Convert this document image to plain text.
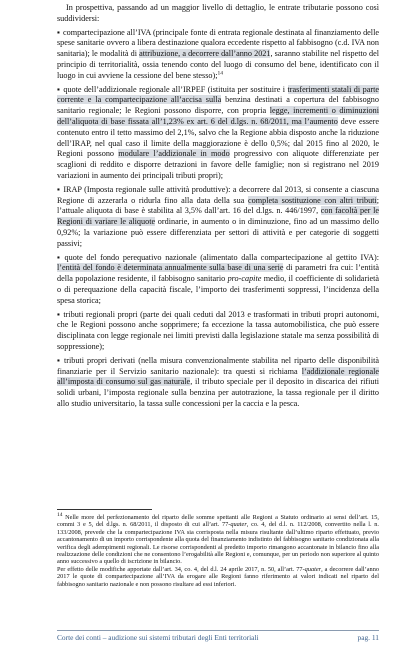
In prospettiva, passando ad un maggior livello di dettaglio, le entrate tributarie possono così suddividersi:

▪ compartecipazione all’IVA (principale fonte di entrata regionale destinata al finanziamento delle spese sanitarie ovvero a libera destinazione qualora eccedente rispetto al fabbisogno (c.d. IVA non sanitaria); le modalità di attribuzione, a decorrere dall’anno 2021, saranno stabilite nel rispetto del principio di territorialità, ossia tenendo conto del luogo di consumo del bene, identificato con il luogo in cui avviene la cessione del bene stesso);$^{14}$

▪ quote dell’addizionale regionale all’IRPEF (istituita per sostituire i trasferimenti statali di parte corrente e la compartecipazione all’accisa sulla benzina destinati a copertura del fabbisogno sanitario regionale; le Regioni possono disporre, con propria legge, incrementi o diminuzioni dell’aliquota di base fissata all’1,23% ex art. 6 del d.lgs. n. 68/2011, ma l’aumento deve essere contenuto entro il tetto massimo del 2,1%, salvo che la Regione abbia disposto anche la riduzione dell’IRAP, nel qual caso il limite della maggiorazione è dello 0,5%; dal 2015 fino al 2020, le Regioni possono modulare l’addizionale in modo progressivo con aliquote differenziate per scaglioni di reddito e disporre detrazioni in favore delle famiglie; non si registrano nel 2019 variazioni in aumento dei principali tributi propri);

▪ IRAP (Imposta regionale sulle attività produttive): a decorrere dal 2013, si consente a ciascuna Regione di azzerarla o ridurla fino alla data della sua completa sostituzione con altri tributi; l’attuale aliquota di base è stabilita al 3,5% dall’art. 16 del d.lgs. n. 446/1997, con facoltà per le Regioni di variare le aliquote ordinarie, in aumento o in diminuzione, fino ad un massimo dello 0,92%; la variazione può essere differenziata per settori di attività e per categorie di soggetti passivi;

▪ quote del fondo perequativo nazionale (alimentato dalla compartecipazione al gettito IVA): l’entità del fondo è determinata annualmente sulla base di una serie di parametri fra cui: l’entità della popolazione residente, il fabbisogno sanitario pro-capite medio, il coefficiente di solidarietà o di perequazione della capacità fiscale, l’importo dei trasferimenti soppressi, l’incidenza della spesa storica;

▪ tributi regionali propri (parte dei quali ceduti dal 2013 e trasformati in tributi propri autonomi, che le Regioni possono anche sopprimere; fa eccezione la tassa automobilistica, che può essere disciplinata con legge regionale nei limiti previsti dalla legislazione statale ma senza possibilità di soppressione);

▪ tributi propri derivati (nella misura convenzionalmente stabilita nel riparto delle disponibilità finanziarie per il Servizio sanitario nazionale): tra questi si richiama l’addizionale regionale all’imposta di consumo sul gas naturale, il tributo speciale per il deposito in discarica dei rifiuti solidi urbani, l’imposta regionale sulla benzina per autotrazione, la tassa regionale per il diritto allo studio universitario, la tassa sulle concessioni per la caccia e la pesca.

$^{14}$ Nelle more del perfezionamento del riparto delle somme spettanti alle Regioni a Statuto ordinario ai sensi dell’art. 15, commi 3 e 5, del d.lgs. n. 68/2011, il disposto di cui all’art. 77-quater, co. 4, del d.l. n. 112/2008, convertito nella l. n. 133/2008, prevede che la compartecipazione IVA sia corrisposta nella misura risultante dall’ultimo riparto effettuato, previo accantonamento di un importo corrispondente alla quota del finanziamento indistinto del fabbisogno sanitario condizionata alla verifica degli adempimenti regionali. Le risorse corrispondenti al predetto importo rimangono accantonate in bilancio fino alla realizzazione delle condizioni che ne consentono l’erogabilità alle Regioni e, comunque, per un periodo non superiore al quinto anno successivo a quello di iscrizione in bilancio.

Per effetto delle modifiche apportate dall’art. 34, co. 4, del d.l. 24 aprile 2017, n. 50, all’art. 77-quater, a decorrere dall’anno 2017 le quote di compartecipazione all’IVA da erogare alle Regioni fanno riferimento ai valori indicati nel riparto del fabbisogno sanitario nazionale e non possono risultare ad essi inferiori.

Corte dei conti – audizione sui sistemi tributari degli Enti territoriali	pag. 11
